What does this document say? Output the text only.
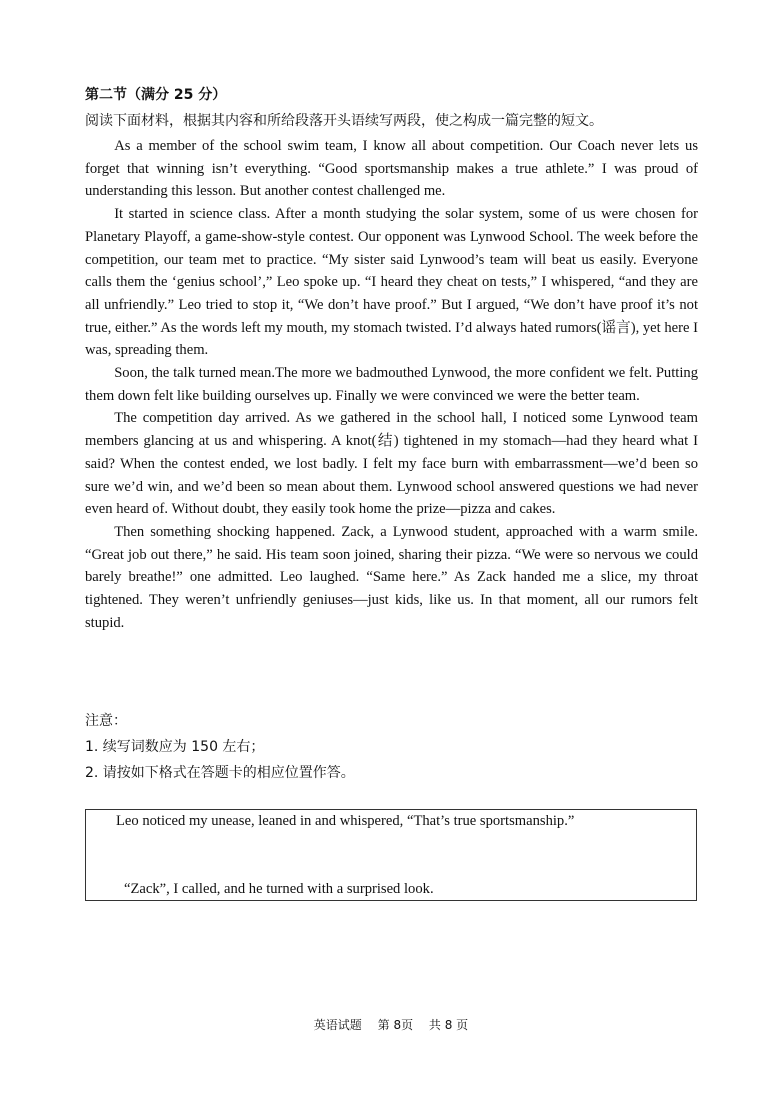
第二节（满分 25 分）
阅读下面材料，根据其内容和所给段落开头语续写两段，使之构成一篇完整的短文。

As a member of the school swim team, I know all about competition. Our Coach never lets us forget that winning isn’t everything. “Good sportsmanship makes a true athlete.” I was proud of understanding this lesson. But another contest challenged me.

It started in science class. After a month studying the solar system, some of us were chosen for Planetary Playoff, a game-show-style contest. Our opponent was Lynwood School. The week before the competition, our team met to practice. “My sister said Lynwood’s team will beat us easily. Everyone calls them the ‘genius school’,” Leo spoke up. “I heard they cheat on tests,” I whispered, “and they are all unfriendly.” Leo tried to stop it, “We don’t have proof.” But I argued, “We don’t have proof it’s not true, either.” As the words left my mouth, my stomach twisted. I’d always hated rumors(谣言), yet here I was, spreading them.

Soon, the talk turned mean.The more we badmouthed Lynwood, the more confident we felt. Putting them down felt like building ourselves up. Finally we were convinced we were the better team.

The competition day arrived. As we gathered in the school hall, I noticed some Lynwood team members glancing at us and whispering. A knot(结) tightened in my stomach—had they heard what I said? When the contest ended, we lost badly. I felt my face burn with embarrassment—we’d been so sure we’d win, and we’d been so mean about them. Lynwood school answered questions we had never even heard of. Without doubt, they easily took home the prize—pizza and cakes.

Then something shocking happened. Zack, a Lynwood student, approached with a warm smile. “Great job out there,” he said. His team soon joined, sharing their pizza. “We were so nervous we could barely breathe!” one admitted. Leo laughed. “Same here.” As Zack handed me a slice, my throat tightened. They weren’t unfriendly geniuses—just kids, like us. In that moment, all our rumors felt stupid.

注意：
1. 续写词数应为 150 左右；
2. 请按如下格式在答题卡的相应位置作答。
Leo noticed my unease, leaned in and whispered, “That’s true sportsmanship.”
“Zack”, I called, and he turned with a surprised look.
英语试题 第 8页 共 8 页
